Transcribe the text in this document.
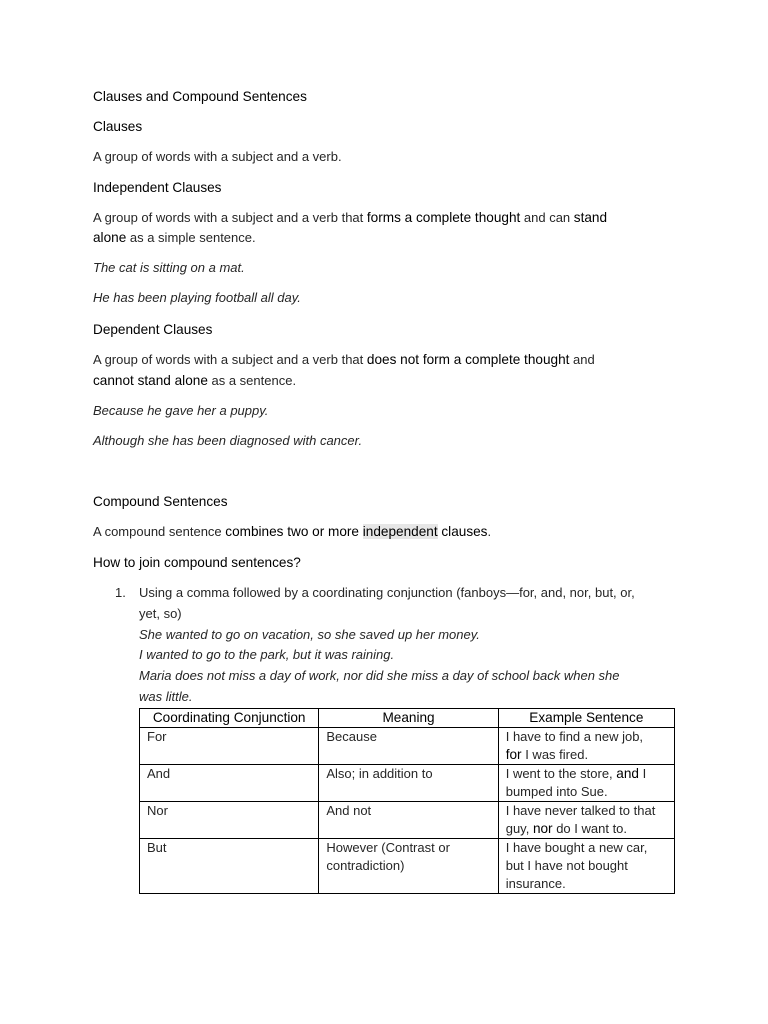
Clauses and Compound Sentences
Clauses
A group of words with a subject and a verb.
Independent Clauses
A group of words with a subject and a verb that forms a complete thought and can stand
alone as a simple sentence.
The cat is sitting on a mat.
He has been playing football all day.
Dependent Clauses
A group of words with a subject and a verb that does not form a complete thought and
cannot stand alone as a sentence.
Because he gave her a puppy.
Although she has been diagnosed with cancer.
Compound Sentences
A compound sentence combines two or more independent clauses.
How to join compound sentences?
1. Using a comma followed by a coordinating conjunction (fanboys—for, and, nor, but, or,
yet, so)
She wanted to go on vacation, so she saved up her money.
I wanted to go to the park, but it was raining.
Maria does not miss a day of work, nor did she miss a day of school back when she
was little.
Coordinating Conjunction	Meaning	Example Sentence
For	Because	I have to find a new job,
for I was fired.
And	Also; in addition to	I went to the store, and I
bumped into Sue.
Nor	And not	I have never talked to that
guy, nor do I want to.
But	However (Contrast or
contradiction)	I have bought a new car,
but I have not bought
insurance.
